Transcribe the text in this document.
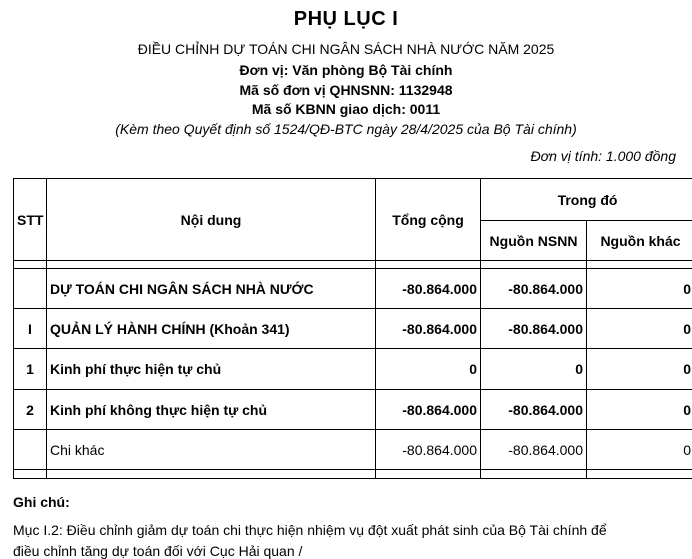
PHỤ LỤC I
ĐIỀU CHỈNH DỰ TOÁN CHI NGÂN SÁCH NHÀ NƯỚC NĂM 2025
Đơn vị: Văn phòng Bộ Tài chính
Mã số đơn vị QHNSNN: 1132948
Mã số KBNN giao dịch: 0011
(Kèm theo Quyết định số 1524/QĐ-BTC ngày 28/4/2025 của Bộ Tài chính)
Đơn vị tính: 1.000 đồng
STT	Nội dung	Tổng cộng	Trong đó	
			Nguồn NSNN	Nguồn khác

	DỰ TOÁN CHI NGÂN SÁCH NHÀ NƯỚC	-80.864.000	-80.864.000	0
I	QUẢN LÝ HÀNH CHÍNH (Khoản 341)	-80.864.000	-80.864.000	0
1	Kinh phí thực hiện tự chủ	0	0	0
2	Kinh phí không thực hiện tự chủ	-80.864.000	-80.864.000	0
	Chi khác	-80.864.000	-80.864.000	0

Ghi chú:
Mục I.2: Điều chỉnh giảm dự toán chi thực hiện nhiệm vụ đột xuất phát sinh của Bộ Tài chính để
điều chỉnh tăng dự toán đối với Cục Hải quan /
